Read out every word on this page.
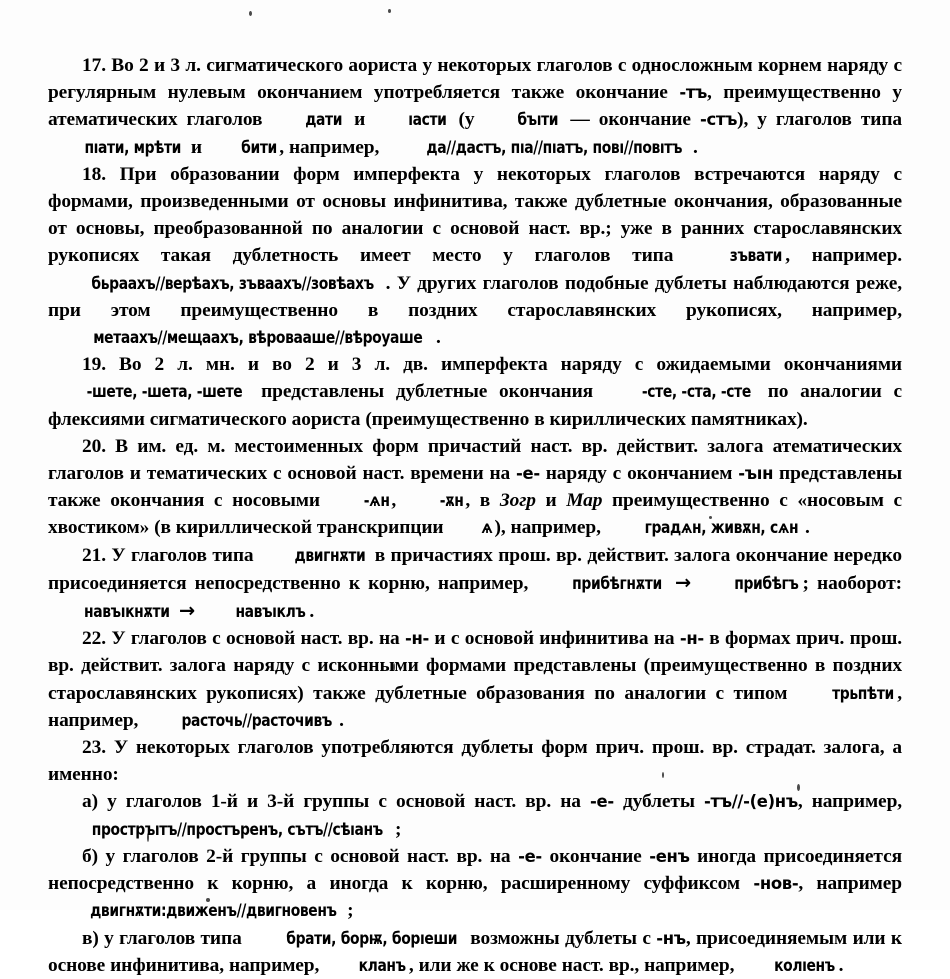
17. Во 2 и 3 л. сигматического аориста у некоторых глаголов с односложным корнем наряду с регулярным нулевым окончанием употребляется также окончание -тъ, преимущественно у атематических глаголов дати и ıасти (у бъıти — окончание -стъ), у глаголов типа пıати, мрѣти и бити , например,	да//дастъ, пıа//пıатъ, повı//повıтъ .

18. При образовании форм имперфекта у некоторых глаголов встречаются наряду с формами, произведенными от основы инфинитива, также дублетные окончания, образованные от основы, преобразованной по аналогии с основой наст. вр.; уже в ранних старославянских рукописях такая дублетность имеет место у глаголов типа зъвати , например. бьраахъ//верѣахъ, зъваахъ//зовѣахъ . У других глаголов подобные дублеты наблюдаются реже, при этом преимущественно в поздних старославянских рукописях, например, метаахъ//мещаахъ, вѣровааше//вѣроуаше .

19. Во 2 л. мн. и во 2 и 3 л. дв. имперфекта наряду с ожидаемыми окончаниями -шете, -шета, -шете представлены дублетные окончания -сте, -ста, -сте по аналогии с флексиями сигматического аориста (преимущественно в кириллических памятниках).

20. В им. ед. м. местоименных форм причастий наст. вр. действит. залога атематических глаголов и тематических с основой наст. времени на -е- наряду с окончанием -ъıн представлены также окончания с носовыми -ѧн , -ѫн , в Зогр и Мар преимущественно с «носовым с хвостиком» (в кириллической транскрипции ѧ), например, градѧн, живѫн, сѧн .

21. У глаголов типа двигнѫти в причастиях прош. вр. действит. залога окончание нередко присоединяется непосредственно к корню, например, прибѣгнѫти →	прибѣгъ ; наоборот: навъıкнѫти → навъıклъ .

22. У глаголов с основой наст. вр. на -н- и с основой инфинитива на -н- в формах прич. прош. вр. действит. залога наряду с исконными формами представлены (преимущественно в поздних старославянских рукописях) также дублетные образования по аналогии с типом трьпѣти , например, расточь//расточивъ .

23. У некоторых глаголов употребляются дублеты форм прич. прош. вр. страдат. залога, а именно:

а) у глаголов 1-й и 3-й группы с основой наст. вр. на -е- дублеты -тъ//-(е)нъ, например, простръıтъ//простъренъ, сътъ//сѣıанъ ;

б) у глаголов 2-й группы с основой наст. вр. на -е- окончание -енъ иногда присоединяется непосредственно к корню, а иногда к корню, расширенному суффиксом -нов-, например двигнѫти:движенъ//двигновенъ ;

в) у глаголов типа брати, борѭ, борıеши возможны дублеты с -нъ, присоединяемым или к основе инфинитива, например, кланъ , или же к основе наст. вр., например, колıенъ .
